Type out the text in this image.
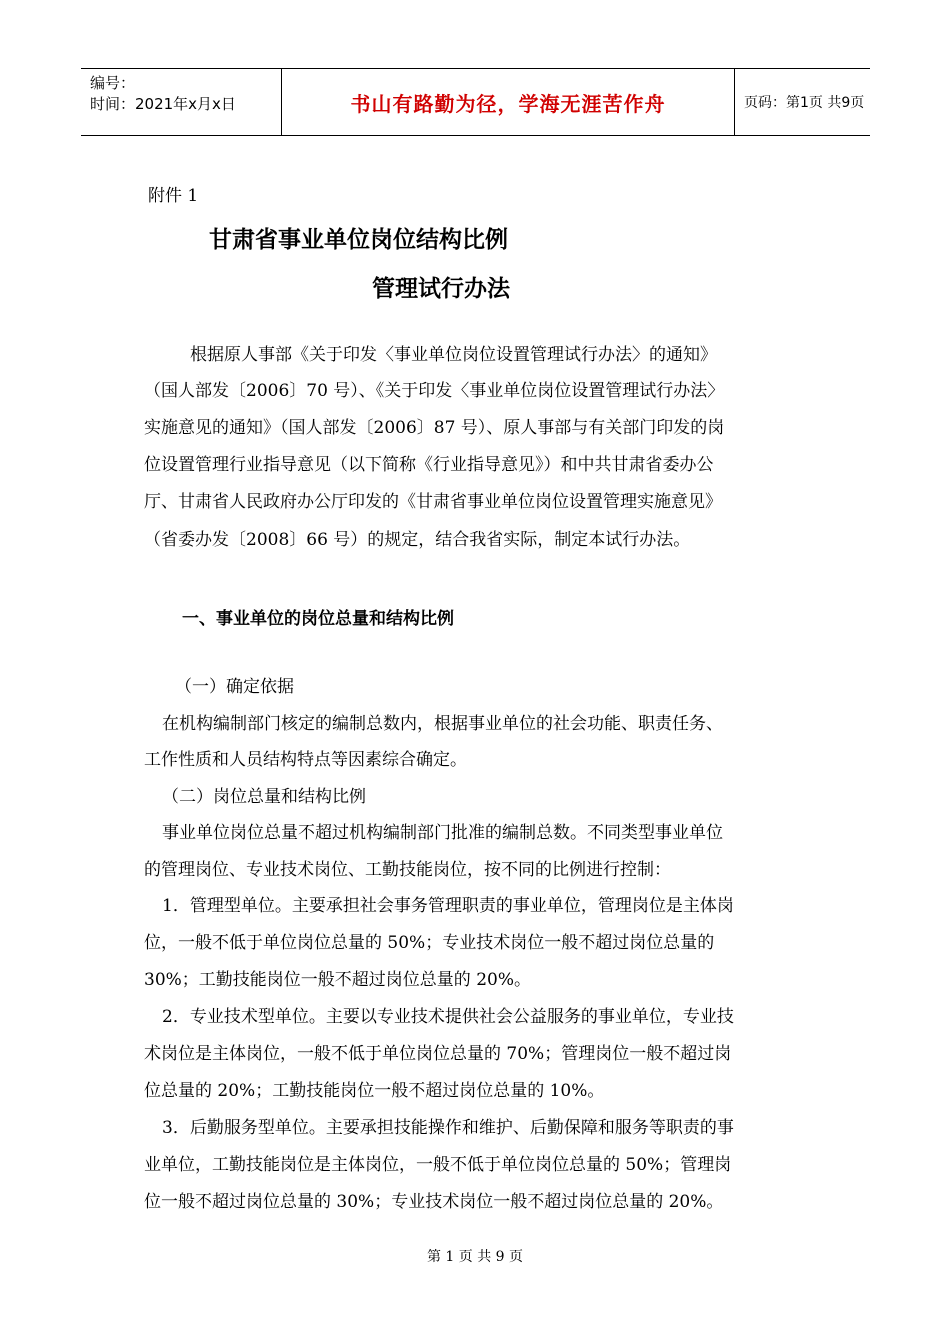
编号：
时间：2021年x月x日	书山有路勤为径，学海无涯苦作舟	页码：第1页 共9页
附件 1
甘肃省事业单位岗位结构比例
管理试行办法
根据原人事部《关于印发〈事业单位岗位设置管理试行办法〉的通知》
（国人部发〔2006〕70 号）、《关于印发〈事业单位岗位设置管理试行办法〉
实施意见的通知》（国人部发〔2006〕87 号）、原人事部与有关部门印发的岗
位设置管理行业指导意见（以下简称《行业指导意见》）和中共甘肃省委办公
厅、甘肃省人民政府办公厅印发的《甘肃省事业单位岗位设置管理实施意见》
（省委办发〔2008〕66 号）的规定，结合我省实际，制定本试行办法。
一、事业单位的岗位总量和结构比例
（一）确定依据
在机构编制部门核定的编制总数内，根据事业单位的社会功能、职责任务、
工作性质和人员结构特点等因素综合确定。
（二）岗位总量和结构比例
事业单位岗位总量不超过机构编制部门批准的编制总数。不同类型事业单位
的管理岗位、专业技术岗位、工勤技能岗位，按不同的比例进行控制：
1．管理型单位。主要承担社会事务管理职责的事业单位，管理岗位是主体岗
位，一般不低于单位岗位总量的 50%；专业技术岗位一般不超过岗位总量的
30%；工勤技能岗位一般不超过岗位总量的 20%。
2．专业技术型单位。主要以专业技术提供社会公益服务的事业单位，专业技
术岗位是主体岗位，一般不低于单位岗位总量的 70%；管理岗位一般不超过岗
位总量的 20%；工勤技能岗位一般不超过岗位总量的 10%。
3．后勤服务型单位。主要承担技能操作和维护、后勤保障和服务等职责的事
业单位，工勤技能岗位是主体岗位，一般不低于单位岗位总量的 50%；管理岗
位一般不超过岗位总量的 30%；专业技术岗位一般不超过岗位总量的 20%。
第 1 页 共 9 页
